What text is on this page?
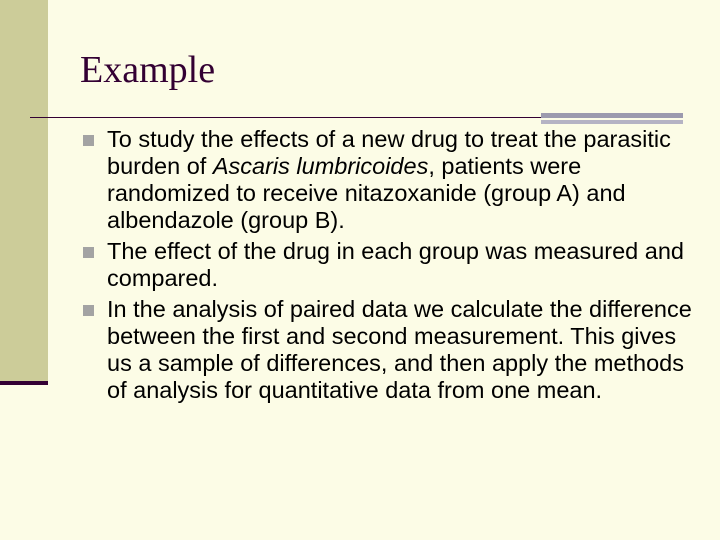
Example
To study the effects of a new drug to treat the parasitic burden of Ascaris lumbricoides, patients were randomized to receive nitazoxanide (group A) and albendazole (group B).
The effect of the drug in each group was measured and compared.
In the analysis of paired data we calculate the difference between the first and second measurement. This gives us a sample of differences, and then apply the methods of analysis for quantitative data from one mean.
